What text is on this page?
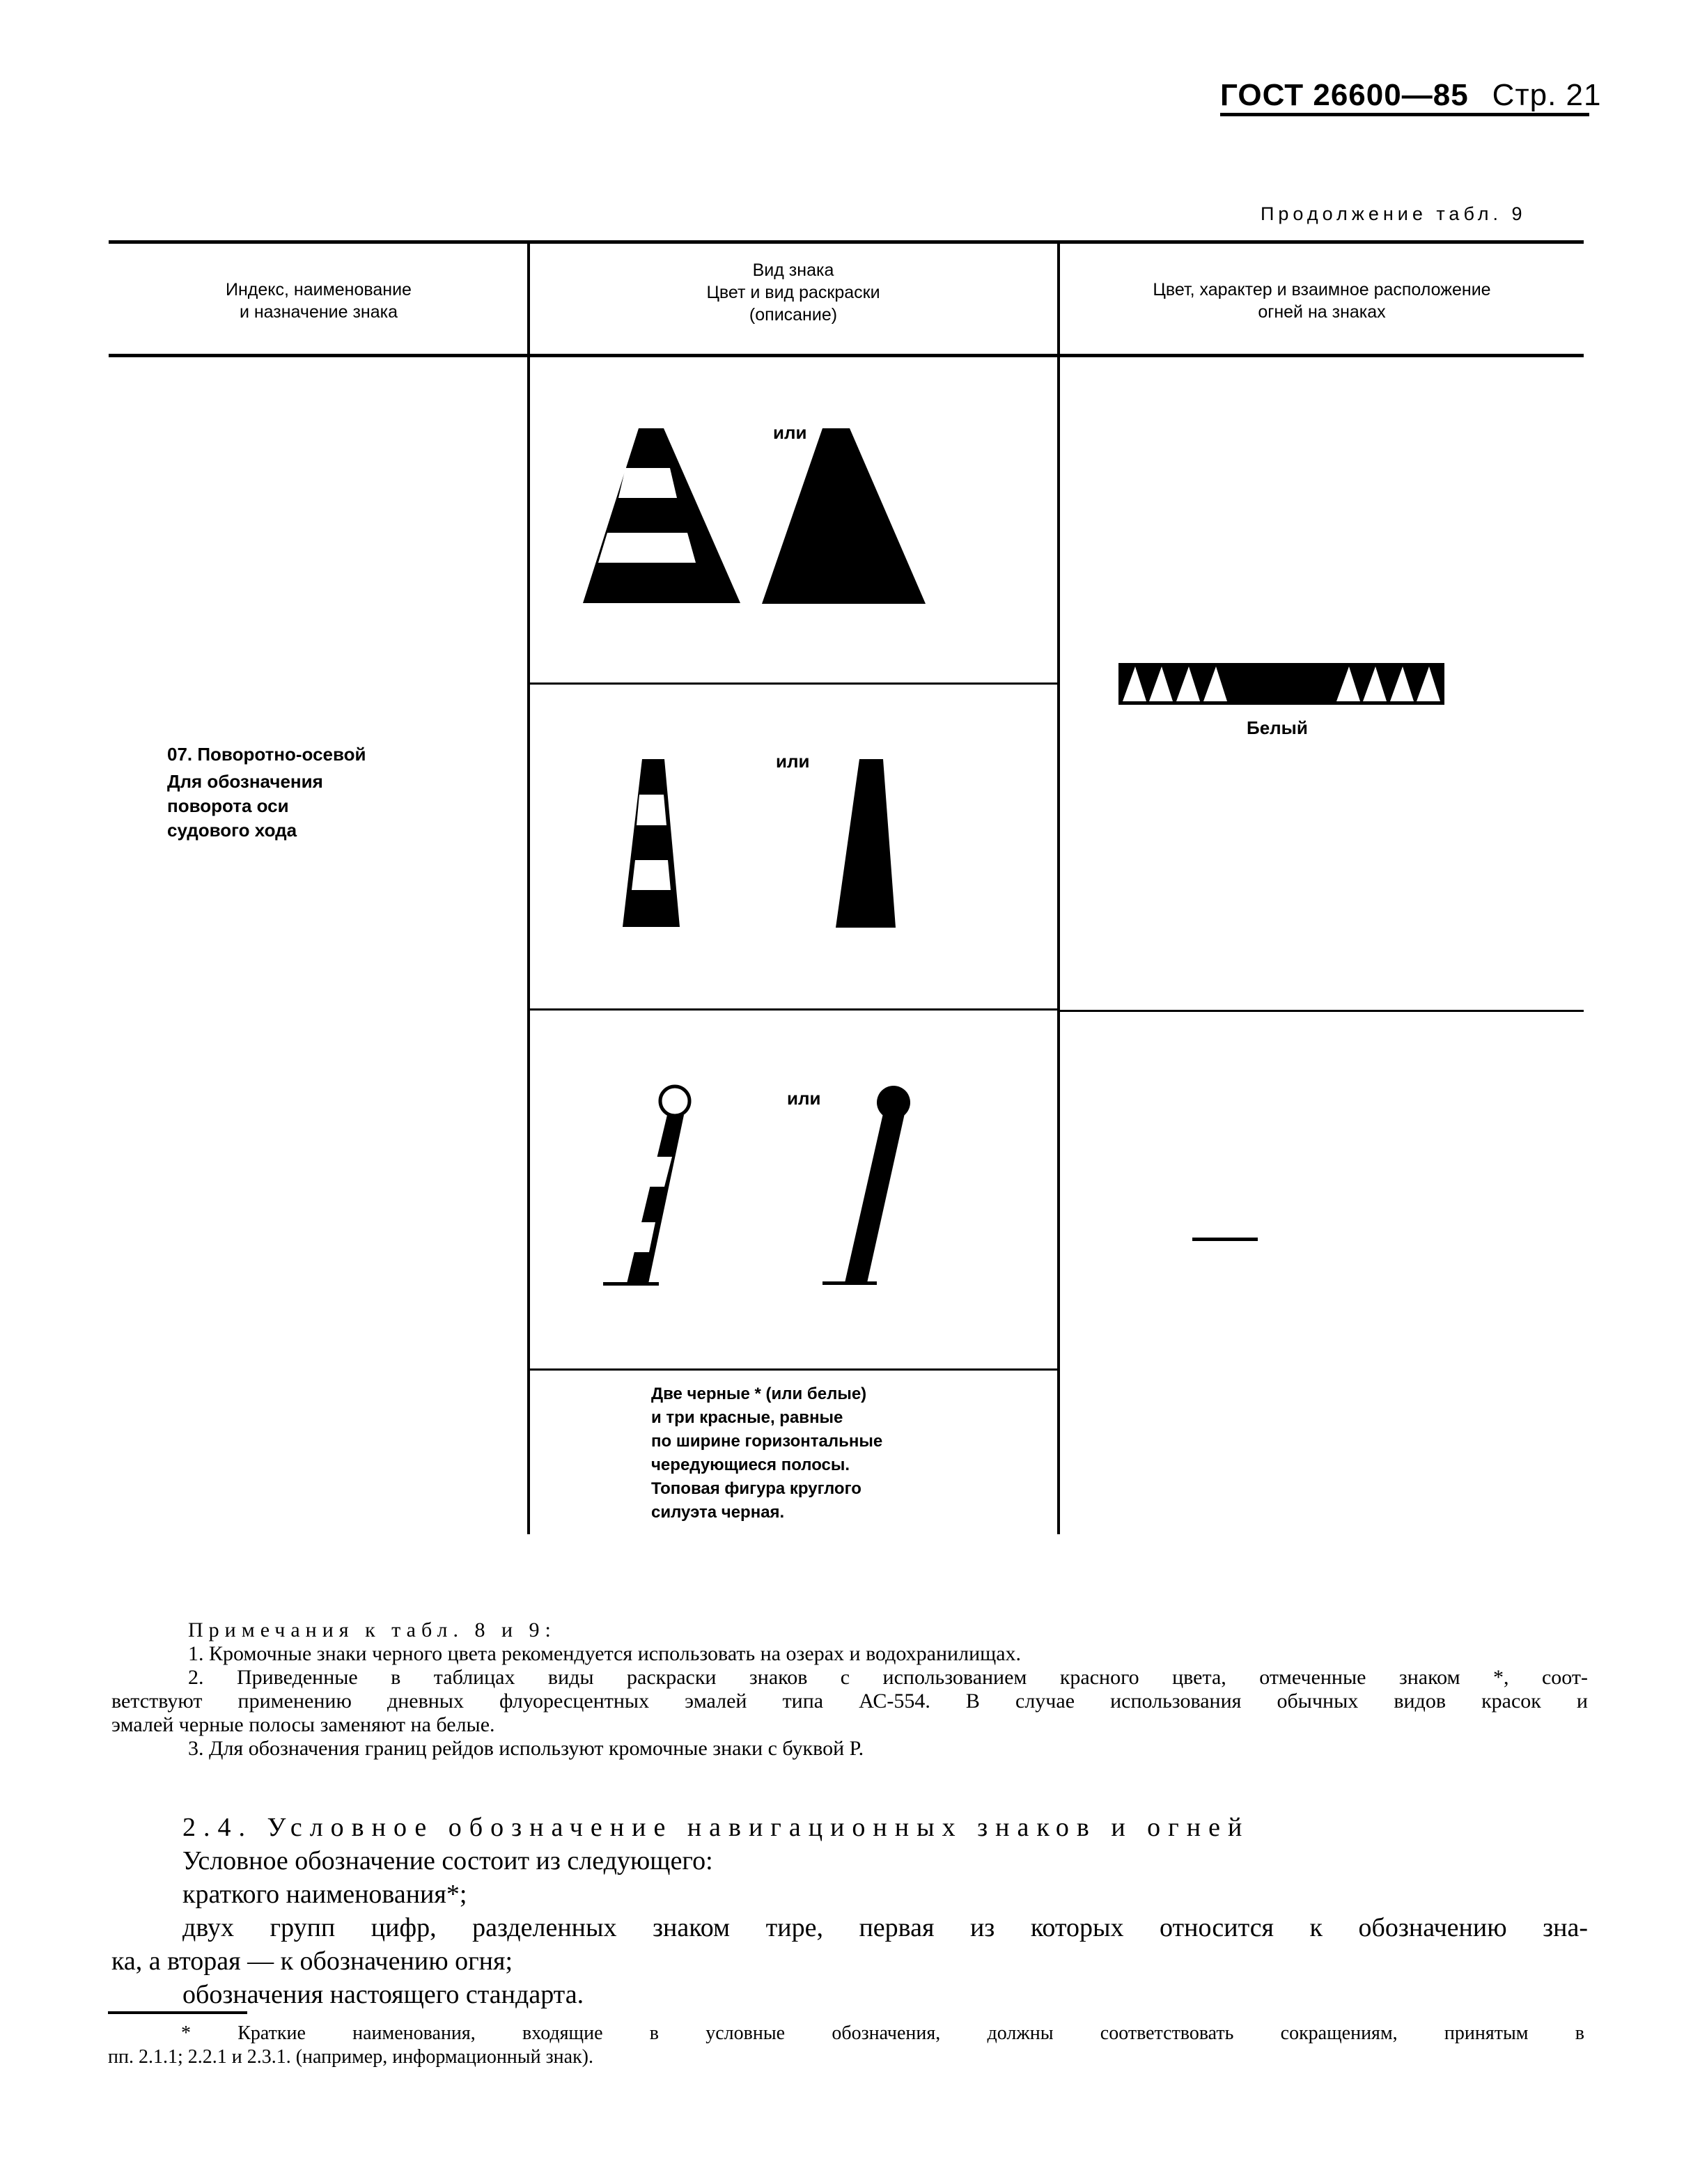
ГОСТ 26600—85 Стр. 21
Продолжение табл. 9
Индекс, наименование
и назначение знака
Вид знака
Цвет и вид раскраски
(описание)
Цвет, характер и взаимное расположение
огней на знаках
07. Поворотно-осевой
Для обозначения
поворота оси
судового хода
или
или
или
Две черные * (или белые)
и три красные, равные
по ширине горизонтальные
чередующиеся полосы.
Топовая фигура круглого
силуэта черная.
Белый

Примечания к табл. 8 и 9:

1. Кромочные знаки черного цвета рекомендуется использовать на озерах и водохранилищах.

2. Приведенные в таблицах виды раскраски знаков с использованием красного цвета, отмеченные знаком *, соот-

ветствуют применению дневных флуоресцентных эмалей типа АС-554. В случае использования обычных видов красок и

эмалей черные полосы заменяют на белые.

3. Для обозначения границ рейдов используют кромочные знаки с буквой Р.

2.4. Условное обозначение навигационных знаков и огней

Условное обозначение состоит из следующего:

краткого наименования*;

двух групп цифр, разделенных знаком тире, первая из которых относится к обозначению зна-

ка, а вторая — к обозначению огня;

обозначения настоящего стандарта.

* Краткие наименования, входящие в условные обозначения, должны соответствовать сокращениям, принятым в

пп. 2.1.1; 2.2.1 и 2.3.1. (например, информационный знак).
